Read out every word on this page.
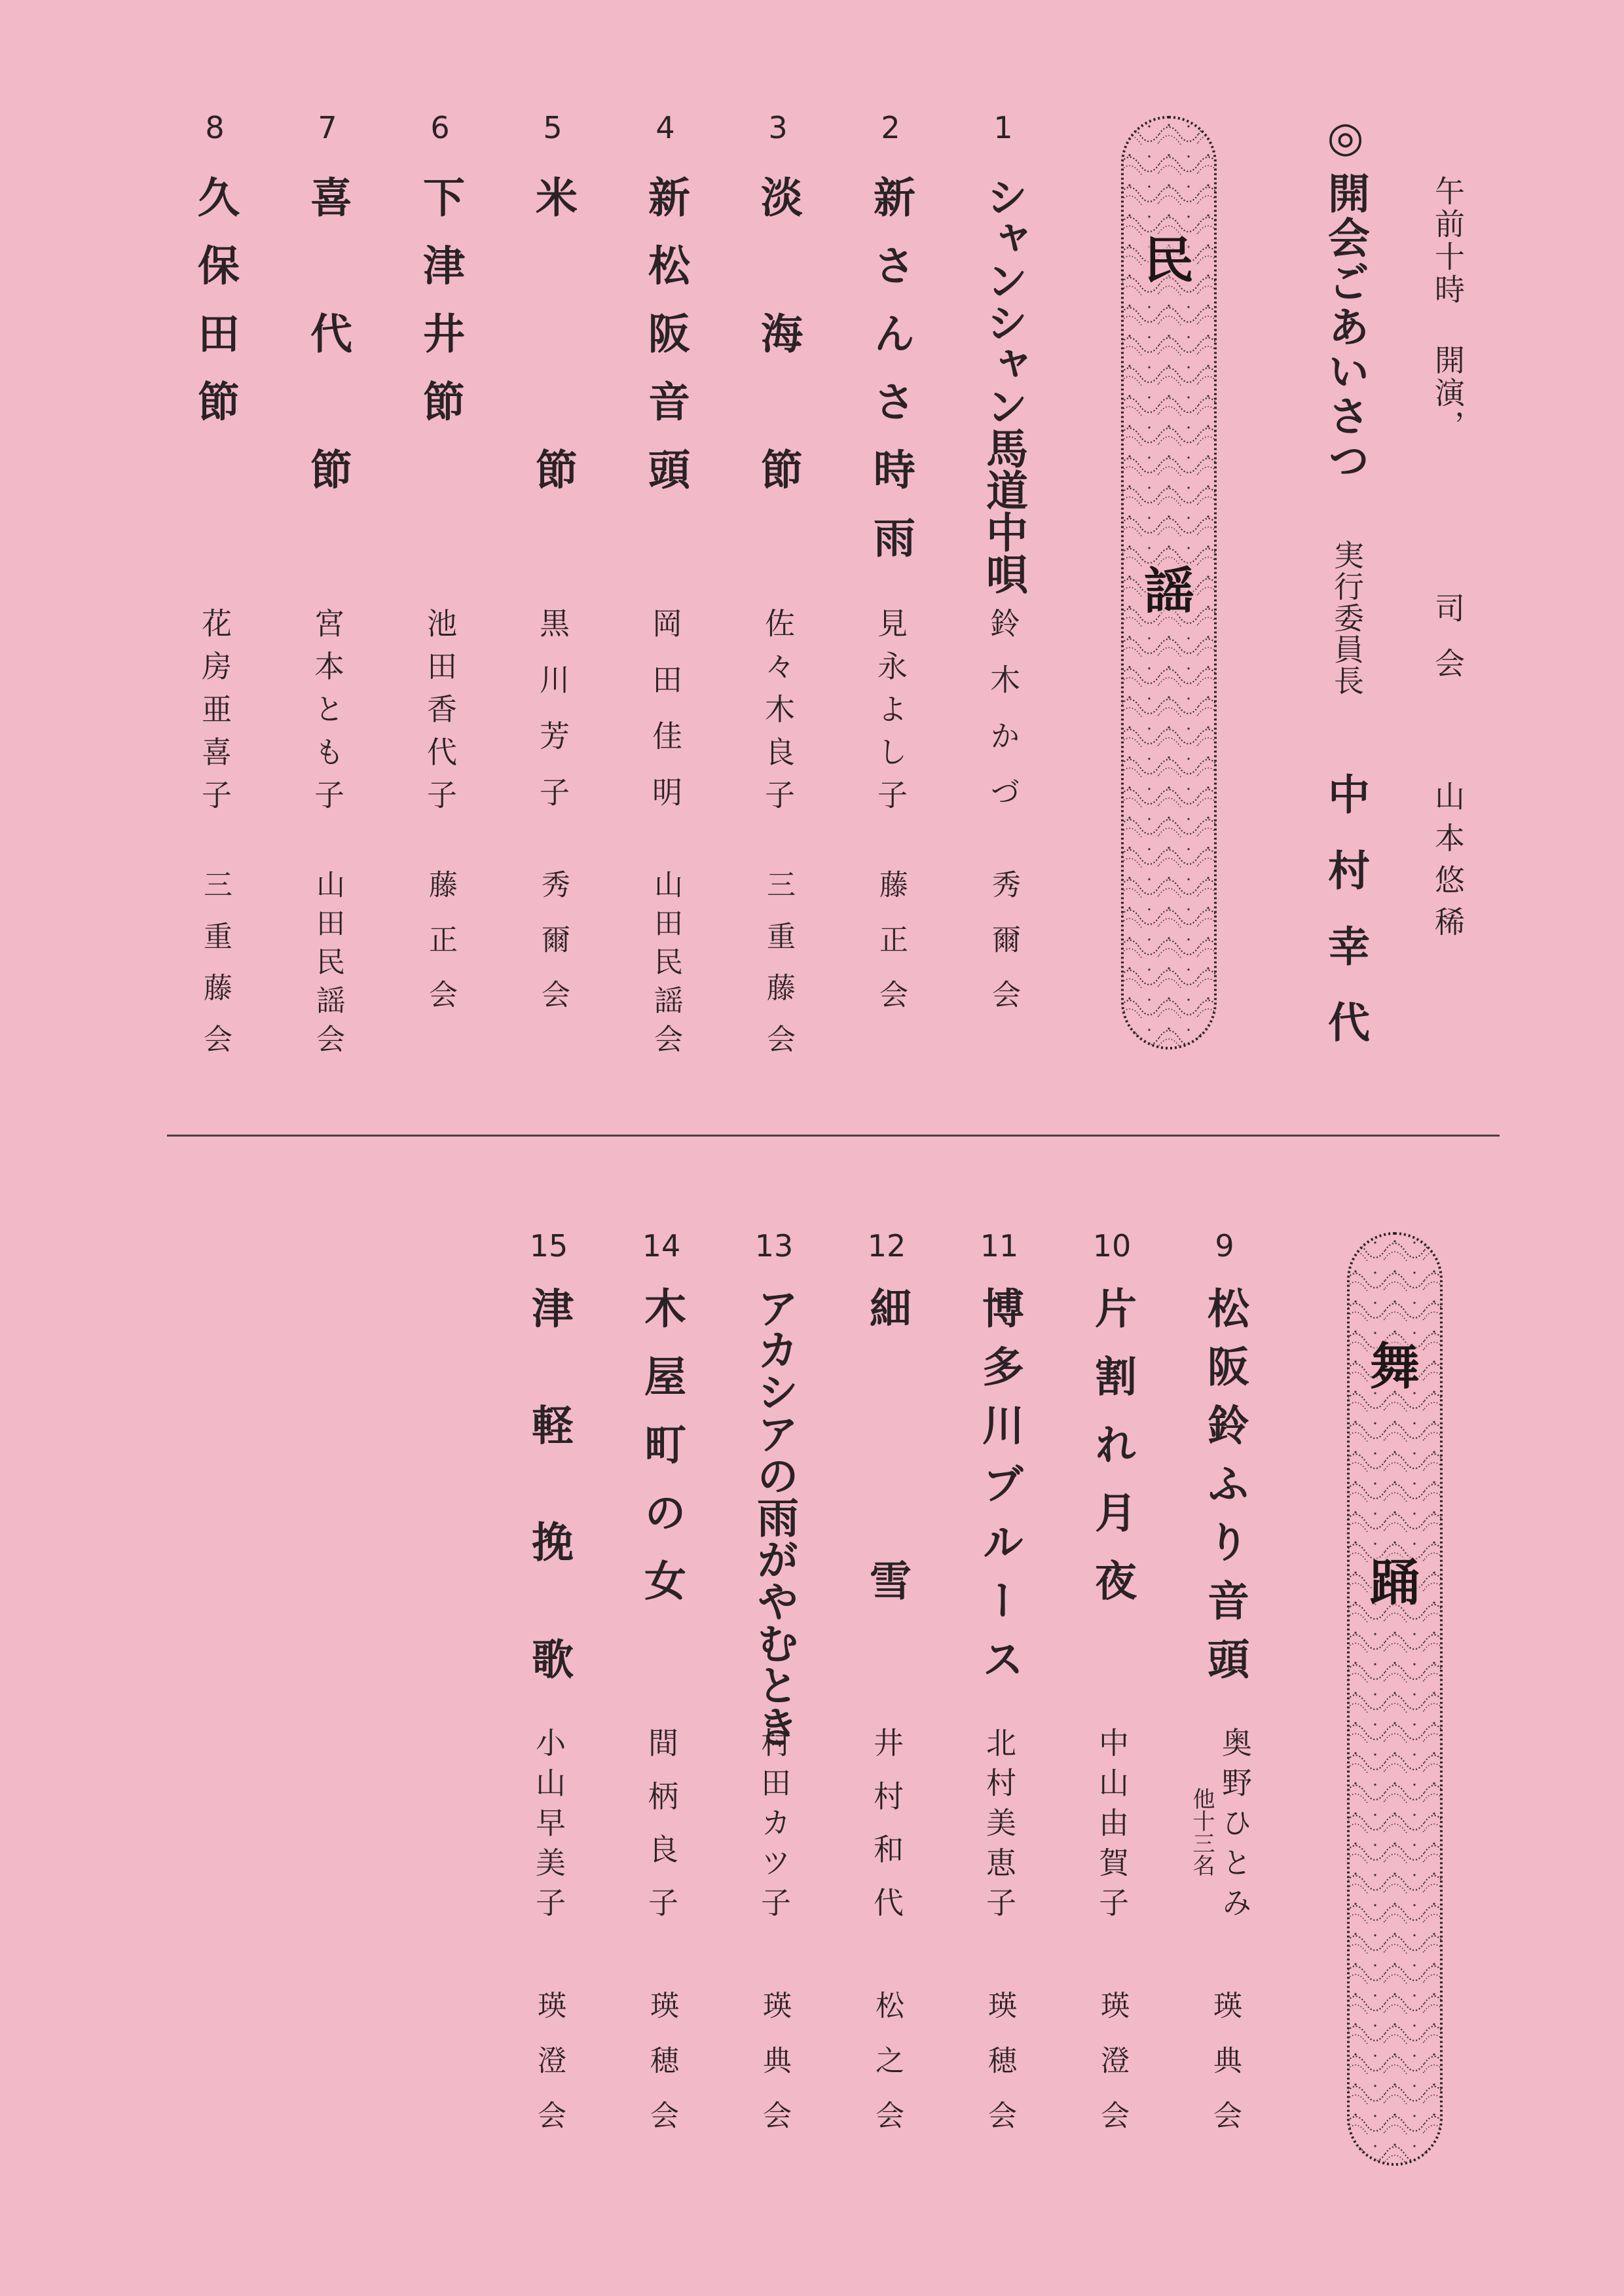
午前十時 開演，
司会
山本悠稀
◎
開会ごあいさつ
実行委員長
中村幸代
民
謡
1
シャンシャン馬道中唄
鈴木かづ
秀爾会
2
新さんさ時雨
見永よし子
藤正会
3
淡　海　節
佐々木良子
三重藤会
4
新松阪音頭
岡田佳明
山田民謡会
5
米　　　節
黒川芳子
秀爾会
6
下津井節
池田香代子
藤正会
7
喜　代　節
宮本とも子
山田民謡会
8
久保田節
花房亜喜子
三重藤会
舞
踊
9
松阪鈴ふり音頭
奥野ひとみ
他十三名
瑛典会
10
片割れ月夜
中山由賀子
瑛澄会
11
博多川ブルース
北村美恵子
瑛穂会
12
細　　　雪
井村和代
松之会
13
アカシアの雨がやむとき
村田カツ子
瑛典会
14
木屋町の女
間柄良子
瑛穂会
15
津　軽　挽　歌
小山早美子
瑛澄会
